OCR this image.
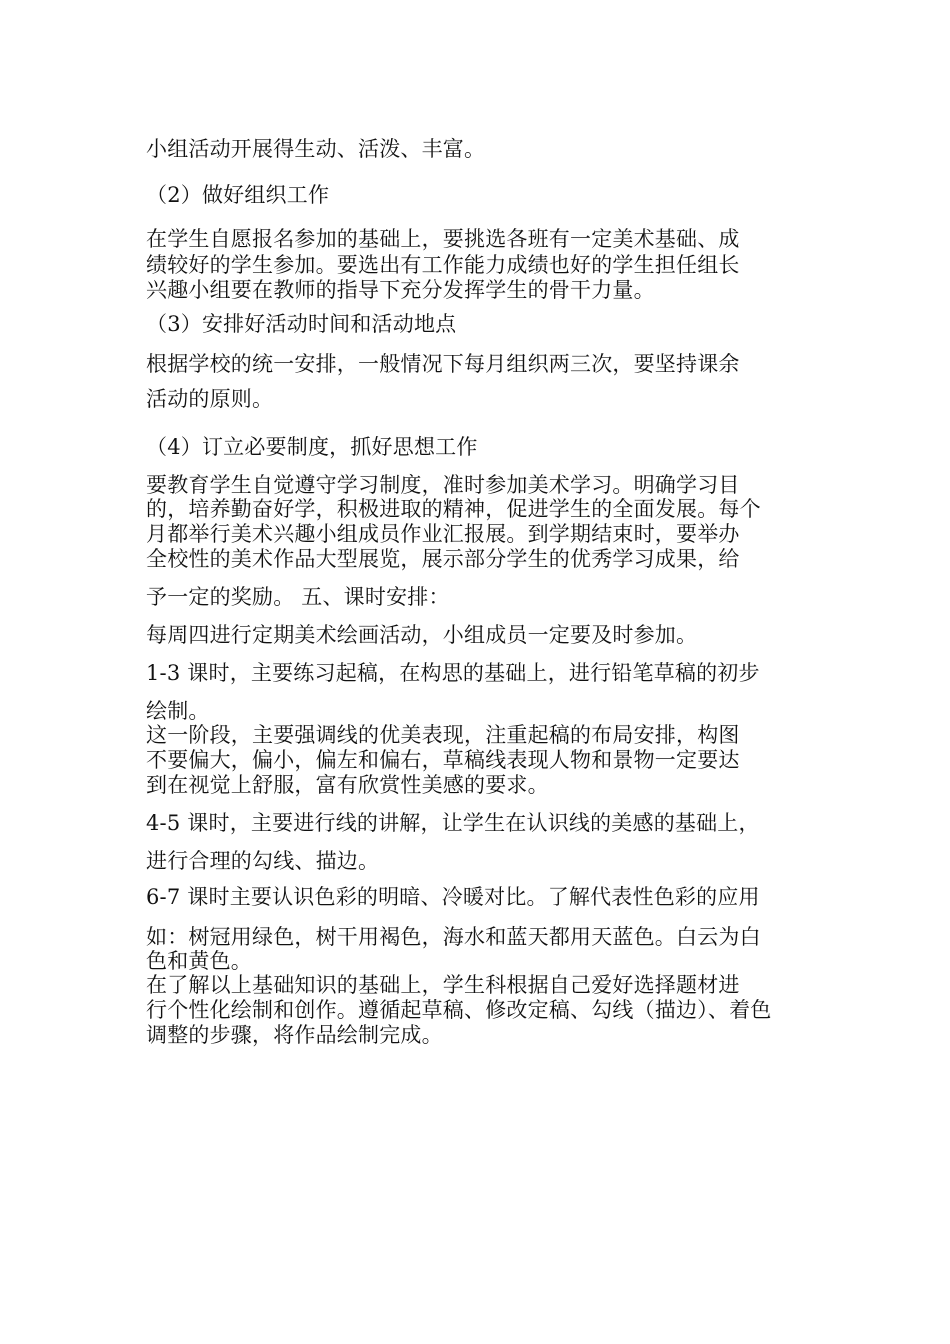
小组活动开展得生动、活泼、丰富。
（2）做好组织工作
在学生自愿报名参加的基础上，要挑选各班有一定美术基础、成
绩较好的学生参加。要选出有工作能力成绩也好的学生担任组长
兴趣小组要在教师的指导下充分发挥学生的骨干力量。
（3）安排好活动时间和活动地点
根据学校的统一安排，一般情况下每月组织两三次，要坚持课余
活动的原则。
（4）订立必要制度，抓好思想工作
要教育学生自觉遵守学习制度，准时参加美术学习。明确学习目
的，培养勤奋好学，积极进取的精神，促进学生的全面发展。每个
月都举行美术兴趣小组成员作业汇报展。到学期结束时，要举办
全校性的美术作品大型展览，展示部分学生的优秀学习成果，给
予一定的奖励。 五、课时安排：
每周四进行定期美术绘画活动，小组成员一定要及时参加。
1-3 课时，主要练习起稿，在构思的基础上，进行铅笔草稿的初步
绘制。
这一阶段，主要强调线的优美表现，注重起稿的布局安排，构图
不要偏大，偏小，偏左和偏右，草稿线表现人物和景物一定要达
到在视觉上舒服，富有欣赏性美感的要求。
4-5 课时，主要进行线的讲解，让学生在认识线的美感的基础上，
进行合理的勾线、描边。
6-7 课时主要认识色彩的明暗、冷暖对比。了解代表性色彩的应用
如：树冠用绿色，树干用褐色，海水和蓝天都用天蓝色。白云为白
色和黄色。
在了解以上基础知识的基础上，学生科根据自己爱好选择题材进
行个性化绘制和创作。遵循起草稿、修改定稿、勾线（描边）、着色
调整的步骤，将作品绘制完成。
